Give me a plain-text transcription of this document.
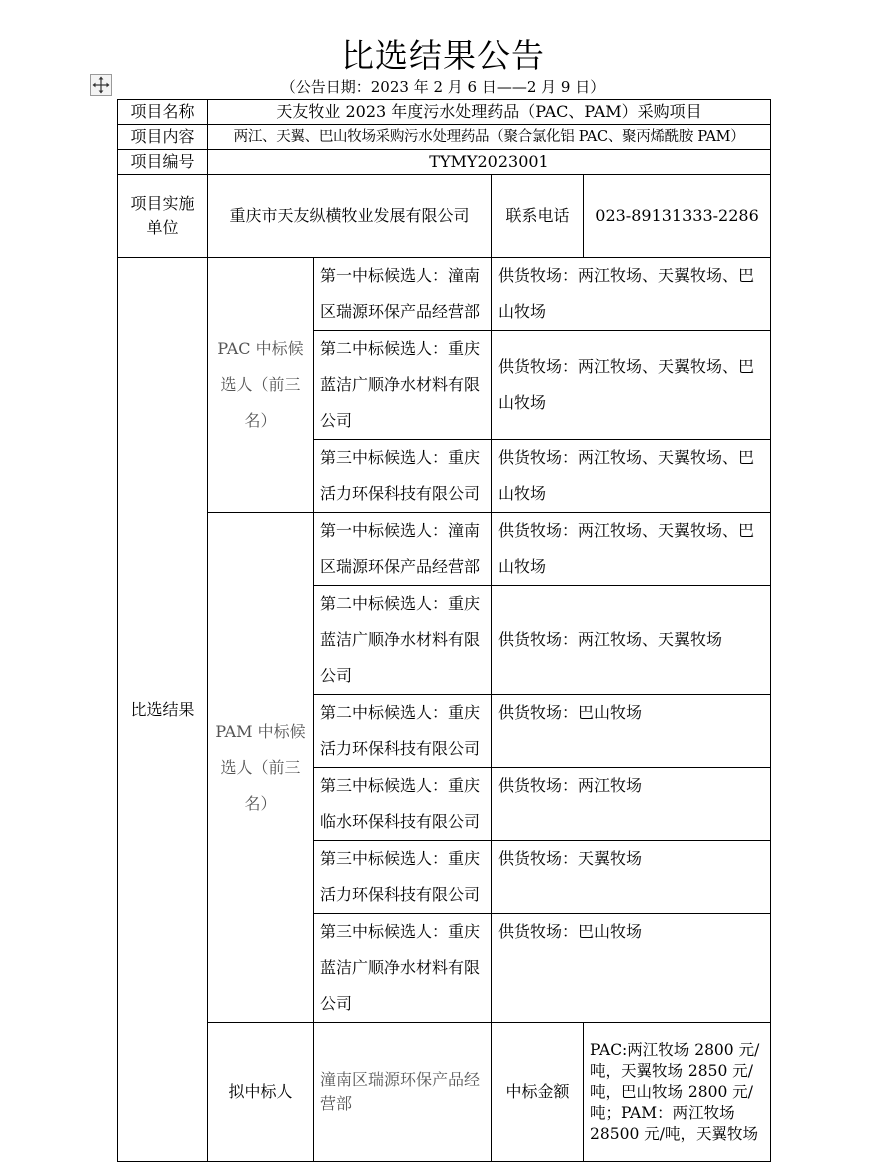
比选结果公告
（公告日期：2023 年 2 月 6 日——2 月 9 日）
项目名称	天友牧业 2023 年度污水处理药品（PAC、PAM）采购项目			
项目内容	两江、天翼、巴山牧场采购污水处理药品（聚合氯化铝 PAC、聚丙烯酰胺 PAM）			
项目编号	TYMY2023001			
项目实施单位	重庆市天友纵横牧业发展有限公司		联系电话	023-89131333-2286
比选结果	PAC 中标候选人（前三名）	第一中标候选人：潼南区瑞源环保产品经营部	供货牧场：两江牧场、天翼牧场、巴山牧场	
		第二中标候选人：重庆蓝洁广顺净水材料有限公司	供货牧场：两江牧场、天翼牧场、巴山牧场	
		第三中标候选人：重庆活力环保科技有限公司	供货牧场：两江牧场、天翼牧场、巴山牧场	
	PAM 中标候选人（前三名）	第一中标候选人：潼南区瑞源环保产品经营部	供货牧场：两江牧场、天翼牧场、巴山牧场	
		第二中标候选人：重庆蓝洁广顺净水材料有限公司	供货牧场：两江牧场、天翼牧场	
		第二中标候选人：重庆活力环保科技有限公司	供货牧场：巴山牧场	
		第三中标候选人：重庆临水环保科技有限公司	供货牧场：两江牧场	
		第三中标候选人：重庆活力环保科技有限公司	供货牧场：天翼牧场	
		第三中标候选人：重庆蓝洁广顺净水材料有限公司	供货牧场：巴山牧场	
	拟中标人	潼南区瑞源环保产品经营部	中标金额	PAC:两江牧场 2800 元/吨，天翼牧场 2850 元/吨，巴山牧场 2800 元/吨；PAM：两江牧场 28500 元/吨，天翼牧场
